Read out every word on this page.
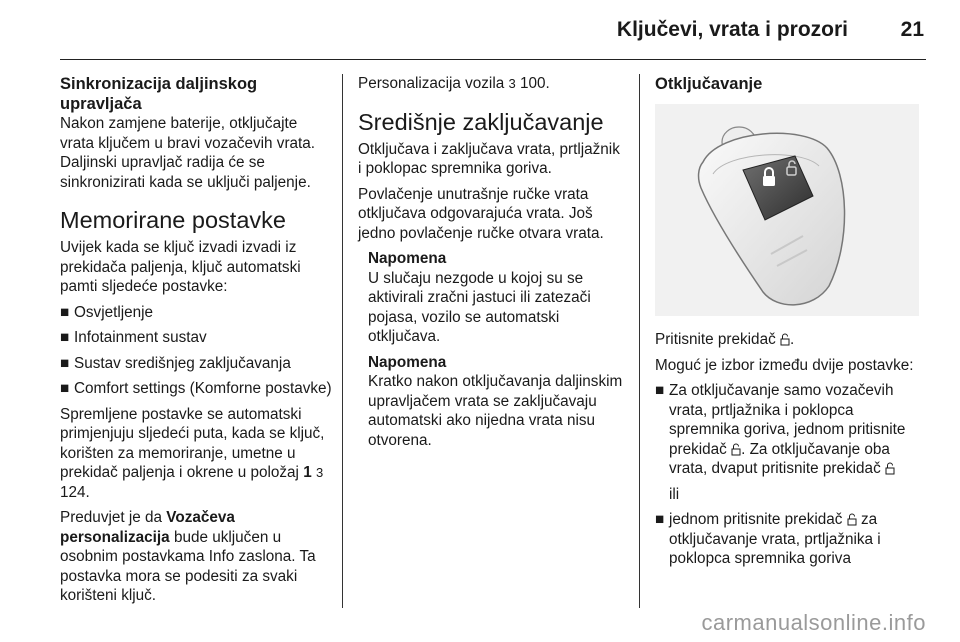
Ključevi, vrata i prozori	21
Sinkronizacija daljinskog upravljača

Nakon zamjene baterije, otključajte vrata ključem u bravi vozačevih vrata. Daljinski upravljač radija će se sinkronizirati kada se uključi paljenje.

Memorirane postavke

Uvijek kada se ključ izvadi izvadi iz prekidača paljenja, ključ automatski pamti sljedeće postavke:

■ Osvjetljenje
■ Infotainment sustav
■ Sustav središnjeg zaključavanja
■ Comfort settings (Komforne postavke)

Spremljene postavke se automatski primjenjuju sljedeći puta, kada se ključ, korišten za memoriranje, umetne u prekidač paljenja i okrene u položaj 1 3 124.

Preduvjet je da Vozačeva personalizacija bude uključen u osobnim postavkama Info zaslona. Ta postavka mora se podesiti za svaki korišteni ključ.

Personalizacija vozila 3 100.

Središnje zaključavanje

Otključava i zaključava vrata, prtljažnik i poklopac spremnika goriva.

Povlačenje unutrašnje ručke vrata otključava odgovarajuća vrata. Još jedno povlačenje ručke otvara vrata.

Napomena

U slučaju nezgode u kojoj su se aktivirali zračni jastuci ili zatezači pojasa, vozilo se automatski otključava.

Napomena

Kratko nakon otključavanja daljinskim upravljačem vrata se zaključavaju automatski ako nijedna vrata nisu otvorena.

Otključavanje

Pritisnite prekidač .

Moguć je izbor između dvije postavke:

■ Za otključavanje samo vozačevih vrata, prtljažnika i poklopca spremnika goriva, jednom pritisnite prekidač . Za otključavanje oba vrata, dvaput pritisnite prekidač
ili
■ jednom pritisnite prekidač za otključavanje vrata, prtljažnika i poklopca spremnika goriva
carmanualsonline.info
